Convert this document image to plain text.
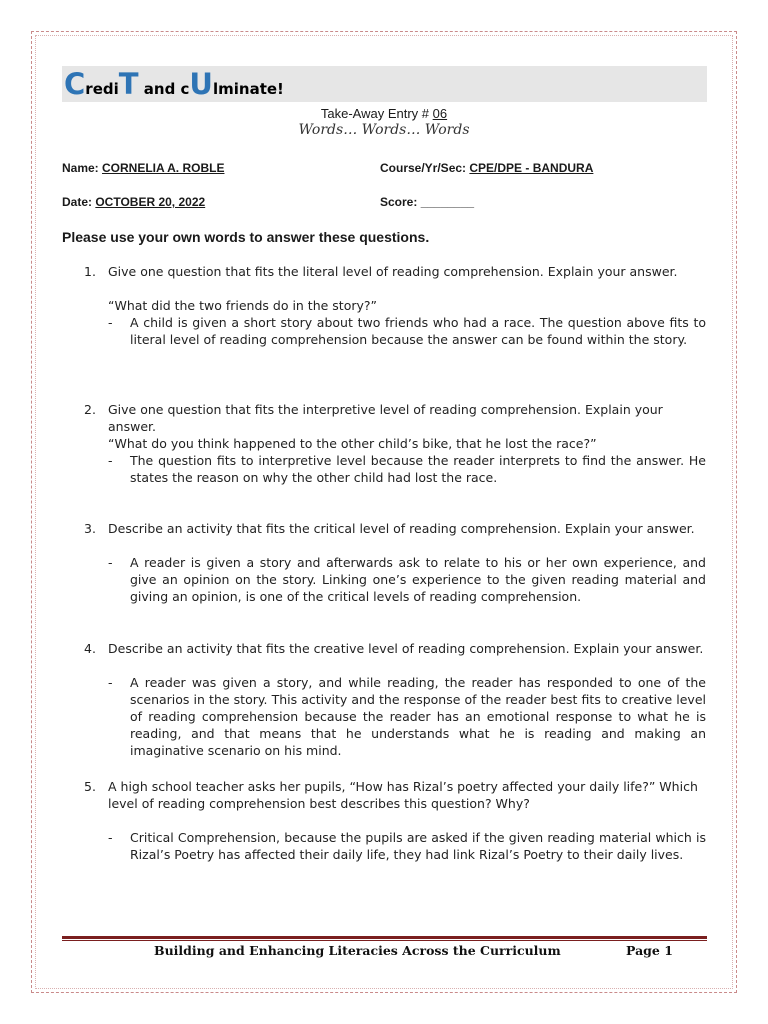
CrediT and cUlminate!
Take-Away Entry # 06
Words… Words… Words
Name: CORNELIA A. ROBLE	Course/Yr/Sec: CPE/DPE - BANDURA
Date: OCTOBER 20, 2022	Score: ________
Please use your own words to answer these questions.
1. Give one question that fits the literal level of reading comprehension. Explain your answer.
“What did the two friends do in the story?”
- A child is given a short story about two friends who had a race. The question above fits to literal level of reading comprehension because the answer can be found within the story.
2. Give one question that fits the interpretive level of reading comprehension. Explain your answer.
“What do you think happened to the other child’s bike, that he lost the race?”
- The question fits to interpretive level because the reader interprets to find the answer. He states the reason on why the other child had lost the race.
3. Describe an activity that fits the critical level of reading comprehension. Explain your answer.
- A reader is given a story and afterwards ask to relate to his or her own experience, and give an opinion on the story. Linking one’s experience to the given reading material and giving an opinion, is one of the critical levels of reading comprehension.
4. Describe an activity that fits the creative level of reading comprehension. Explain your answer.
- A reader was given a story, and while reading, the reader has responded to one of the scenarios in the story. This activity and the response of the reader best fits to creative level of reading comprehension because the reader has an emotional response to what he is reading, and that means that he understands what he is reading and making an imaginative scenario on his mind.
5. A high school teacher asks her pupils, “How has Rizal’s poetry affected your daily life?” Which level of reading comprehension best describes this question? Why?
- Critical Comprehension, because the pupils are asked if the given reading material which is Rizal’s Poetry has affected their daily life, they had link Rizal’s Poetry to their daily lives.
Building and Enhancing Literacies Across the Curriculum	Page 1
